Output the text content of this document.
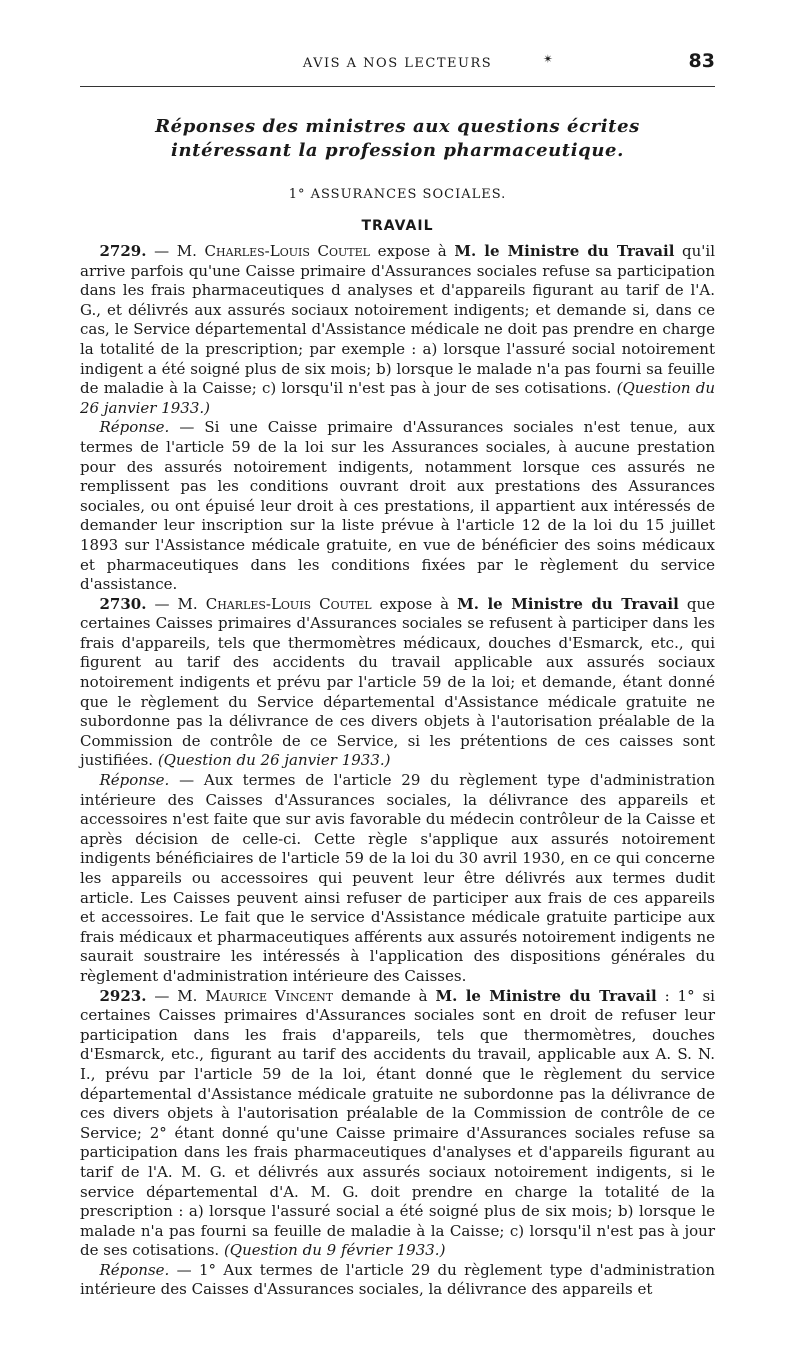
AVIS A NOS LECTEURS	✴	83
Réponses des ministres aux questions écrites
intéressant la profession pharmaceutique.
1° ASSURANCES SOCIALES.
TRAVAIL

2729. — M. Charles-Louis Coutel expose à M. le Ministre du Travail qu'il arrive parfois qu'une Caisse primaire d'Assurances sociales refuse sa participation dans les frais pharmaceutiques d analyses et d'appareils figurant au tarif de l'A. G., et délivrés aux assurés sociaux notoirement indigents; et demande si, dans ce cas, le Service départemental d'Assistance médicale ne doit pas prendre en charge la totalité de la prescription; par exemple : a) lorsque l'assuré social notoirement indigent a été soigné plus de six mois; b) lorsque le malade n'a pas fourni sa feuille de maladie à la Caisse; c) lorsqu'il n'est pas à jour de ses cotisations. (Question du 26 janvier 1933.)

Réponse. — Si une Caisse primaire d'Assurances sociales n'est tenue, aux termes de l'article 59 de la loi sur les Assurances sociales, à aucune prestation pour des assurés notoirement indigents, notamment lorsque ces assurés ne remplissent pas les conditions ouvrant droit aux prestations des Assurances sociales, ou ont épuisé leur droit à ces prestations, il appartient aux intéressés de demander leur inscription sur la liste prévue à l'article 12 de la loi du 15 juillet 1893 sur l'Assistance médicale gratuite, en vue de bénéficier des soins médicaux et pharmaceutiques dans les conditions fixées par le règlement du service d'assistance.

2730. — M. Charles-Louis Coutel expose à M. le Ministre du Travail que certaines Caisses primaires d'Assurances sociales se refusent à participer dans les frais d'appareils, tels que thermomètres médicaux, douches d'Esmarck, etc., qui figurent au tarif des accidents du travail applicable aux assurés sociaux notoirement indigents et prévu par l'article 59 de la loi; et demande, étant donné que le règlement du Service départemental d'Assistance médicale gratuite ne subordonne pas la délivrance de ces divers objets à l'autorisation préalable de la Commission de contrôle de ce Service, si les prétentions de ces caisses sont justifiées. (Question du 26 janvier 1933.)

Réponse. — Aux termes de l'article 29 du règlement type d'administration intérieure des Caisses d'Assurances sociales, la délivrance des appareils et accessoires n'est faite que sur avis favorable du médecin contrôleur de la Caisse et après décision de celle-ci. Cette règle s'applique aux assurés notoirement indigents bénéficiaires de l'article 59 de la loi du 30 avril 1930, en ce qui concerne les appareils ou accessoires qui peuvent leur être délivrés aux termes dudit article. Les Caisses peuvent ainsi refuser de participer aux frais de ces appareils et accessoires. Le fait que le service d'Assistance médicale gratuite participe aux frais médicaux et pharmaceutiques afférents aux assurés notoirement indigents ne saurait soustraire les intéressés à l'application des dispositions générales du règlement d'administration intérieure des Caisses.

2923. — M. Maurice Vincent demande à M. le Ministre du Travail : 1° si certaines Caisses primaires d'Assurances sociales sont en droit de refuser leur participation dans les frais d'appareils, tels que thermomètres, douches d'Esmarck, etc., figurant au tarif des accidents du travail, applicable aux A. S. N. I., prévu par l'article 59 de la loi, étant donné que le règlement du service départemental d'Assistance médicale gratuite ne subordonne pas la délivrance de ces divers objets à l'autorisation préalable de la Commission de contrôle de ce Service; 2° étant donné qu'une Caisse primaire d'Assurances sociales refuse sa participation dans les frais pharmaceutiques d'analyses et d'appareils figurant au tarif de l'A. M. G. et délivrés aux assurés sociaux notoirement indigents, si le service départemental d'A. M. G. doit prendre en charge la totalité de la prescription : a) lorsque l'assuré social a été soigné plus de six mois; b) lorsque le malade n'a pas fourni sa feuille de maladie à la Caisse; c) lorsqu'il n'est pas à jour de ses cotisations. (Question du 9 février 1933.)

Réponse. — 1° Aux termes de l'article 29 du règlement type d'administration intérieure des Caisses d'Assurances sociales, la délivrance des appareils et
